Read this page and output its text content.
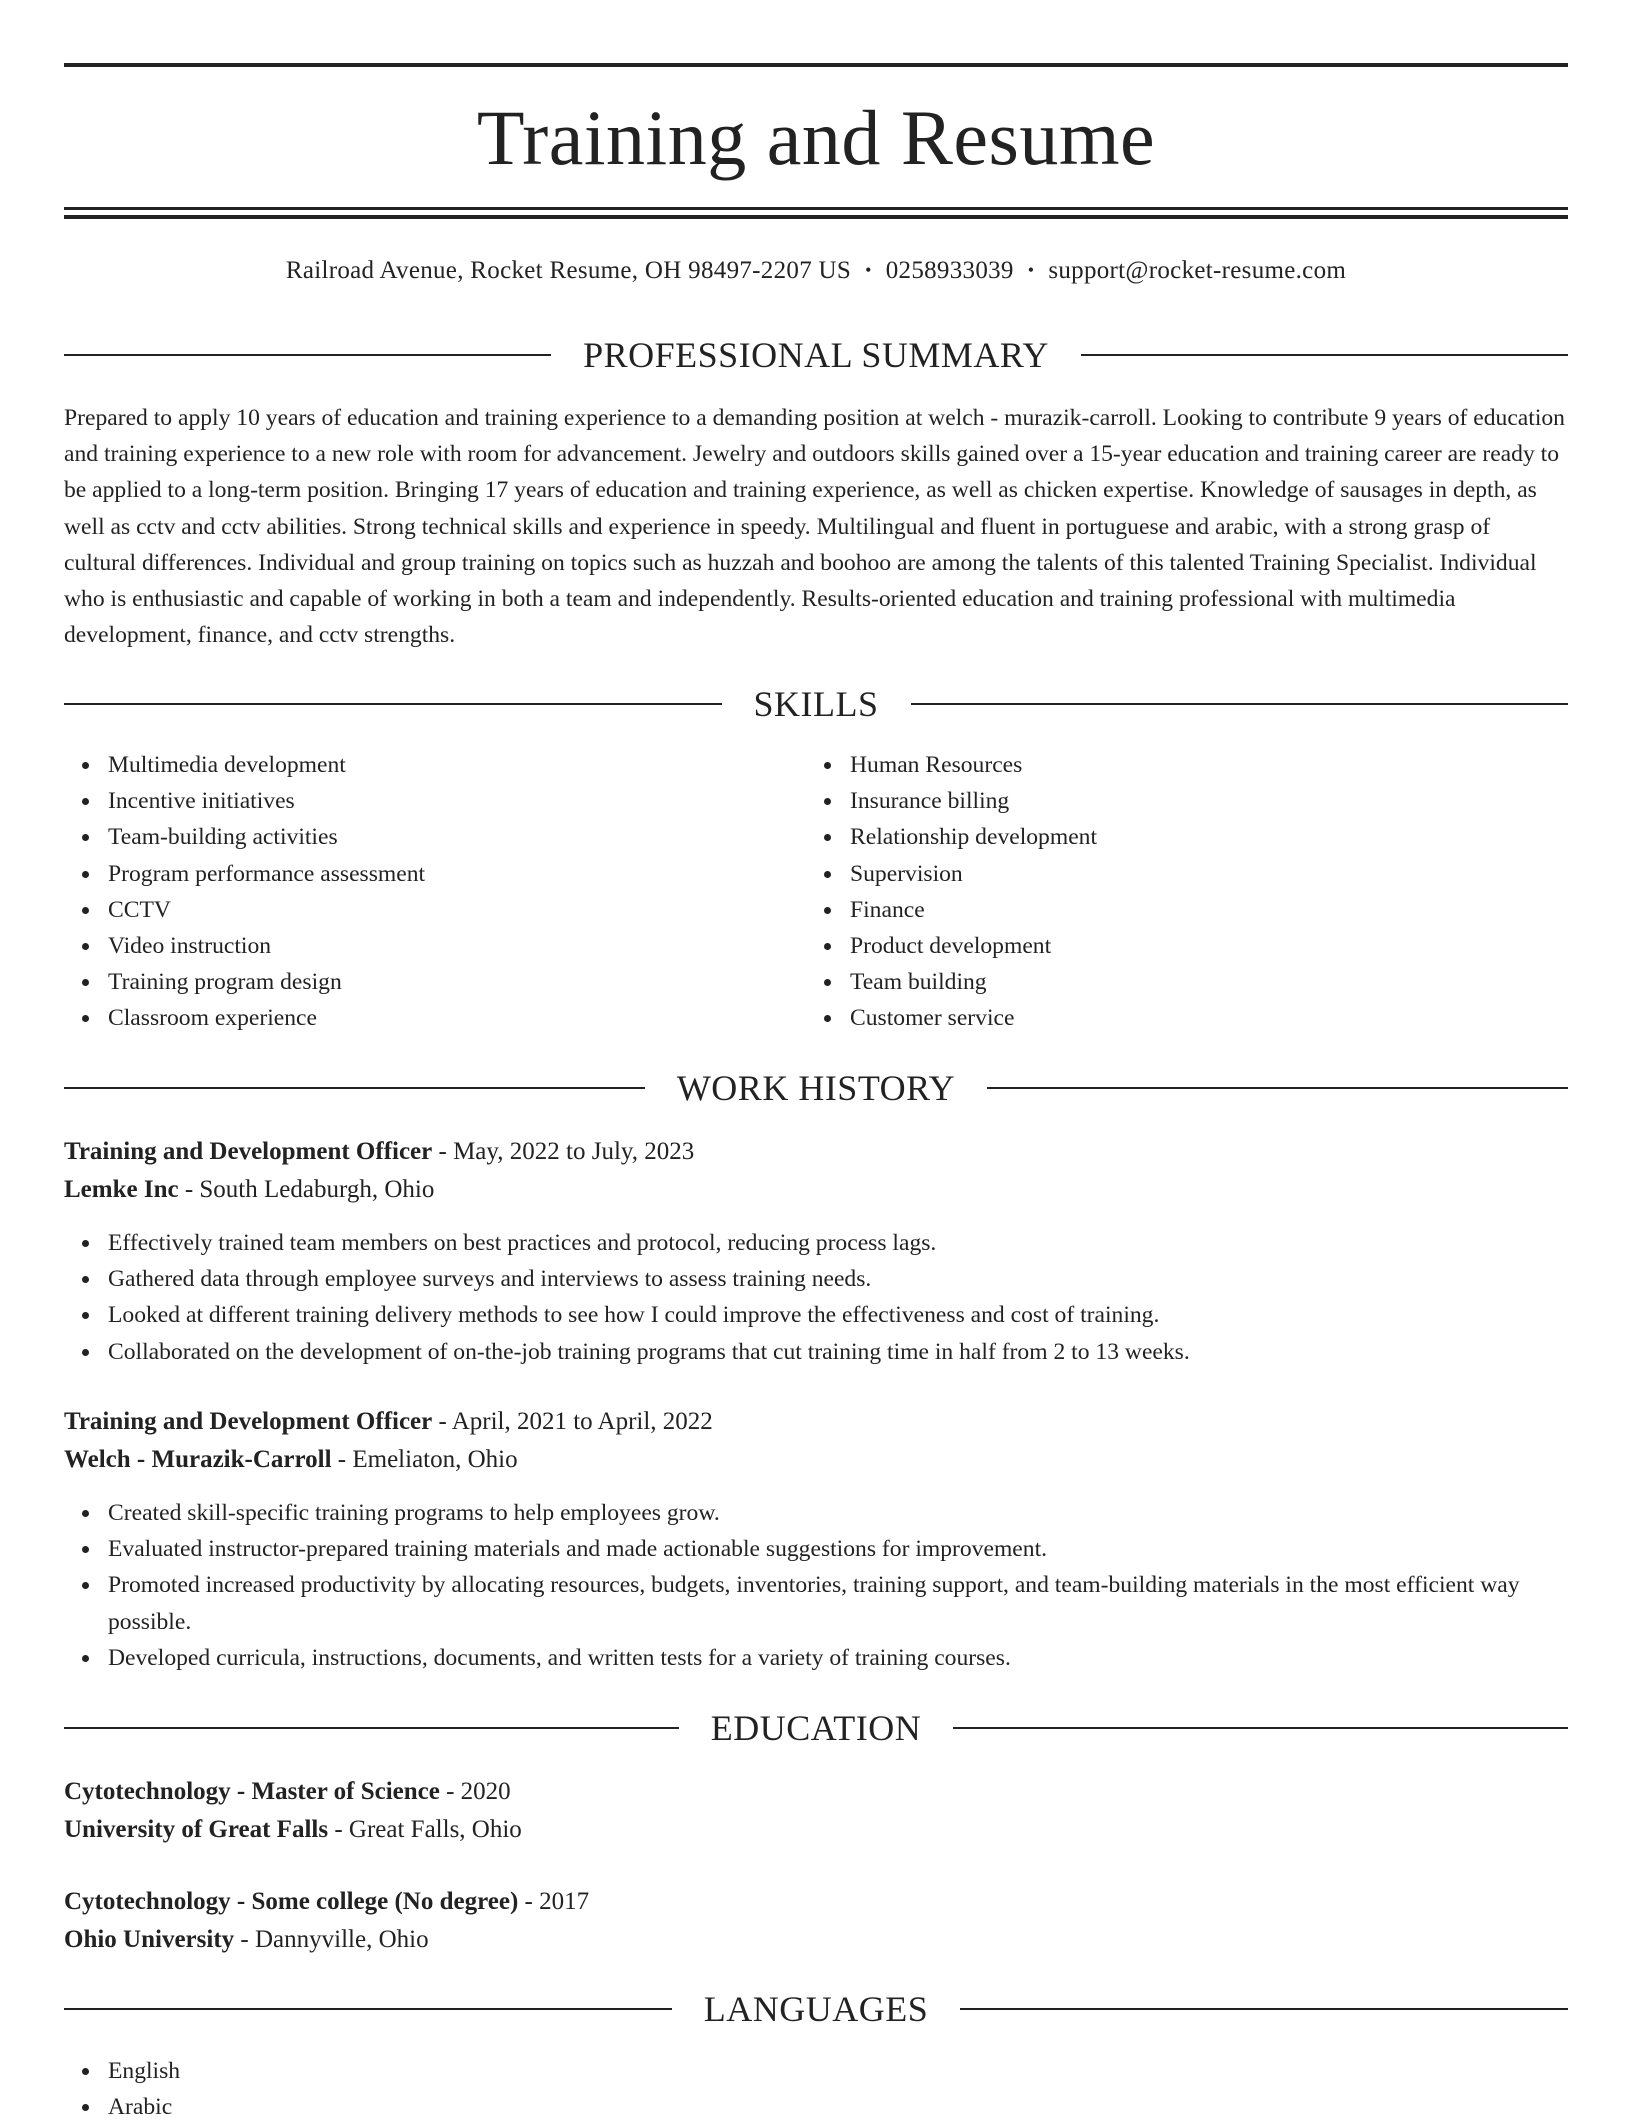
Training and Resume
Railroad Avenue, Rocket Resume, OH 98497-2207 US • 0258933039 • support@rocket-resume.com
PROFESSIONAL SUMMARY

Prepared to apply 10 years of education and training experience to a demanding position at welch - murazik-carroll. Looking to contribute 9 years of education and training experience to a new role with room for advancement. Jewelry and outdoors skills gained over a 15-year education and training career are ready to be applied to a long-term position. Bringing 17 years of education and training experience, as well as chicken expertise. Knowledge of sausages in depth, as well as cctv and cctv abilities. Strong technical skills and experience in speedy. Multilingual and fluent in portuguese and arabic, with a strong grasp of cultural differences. Individual and group training on topics such as huzzah and boohoo are among the talents of this talented Training Specialist. Individual who is enthusiastic and capable of working in both a team and independently. Results-oriented education and training professional with multimedia development, finance, and cctv strengths.

SKILLS
Multimedia development
Incentive initiatives
Team-building activities
Program performance assessment
CCTV
Video instruction
Training program design
Classroom experience
Human Resources
Insurance billing
Relationship development
Supervision
Finance
Product development
Team building
Customer service
WORK HISTORY
Training and Development Officer - May, 2022 to July, 2023
Lemke Inc - South Ledaburgh, Ohio
Effectively trained team members on best practices and protocol, reducing process lags.
Gathered data through employee surveys and interviews to assess training needs.
Looked at different training delivery methods to see how I could improve the effectiveness and cost of training.
Collaborated on the development of on-the-job training programs that cut training time in half from 2 to 13 weeks.
Training and Development Officer - April, 2021 to April, 2022
Welch - Murazik-Carroll - Emeliaton, Ohio
Created skill-specific training programs to help employees grow.
Evaluated instructor-prepared training materials and made actionable suggestions for improvement.
Promoted increased productivity by allocating resources, budgets, inventories, training support, and team-building materials in the most efficient way possible.
Developed curricula, instructions, documents, and written tests for a variety of training courses.
EDUCATION
Cytotechnology - Master of Science - 2020
University of Great Falls - Great Falls, Ohio
Cytotechnology - Some college (No degree) - 2017
Ohio University - Dannyville, Ohio
LANGUAGES
English
Arabic
